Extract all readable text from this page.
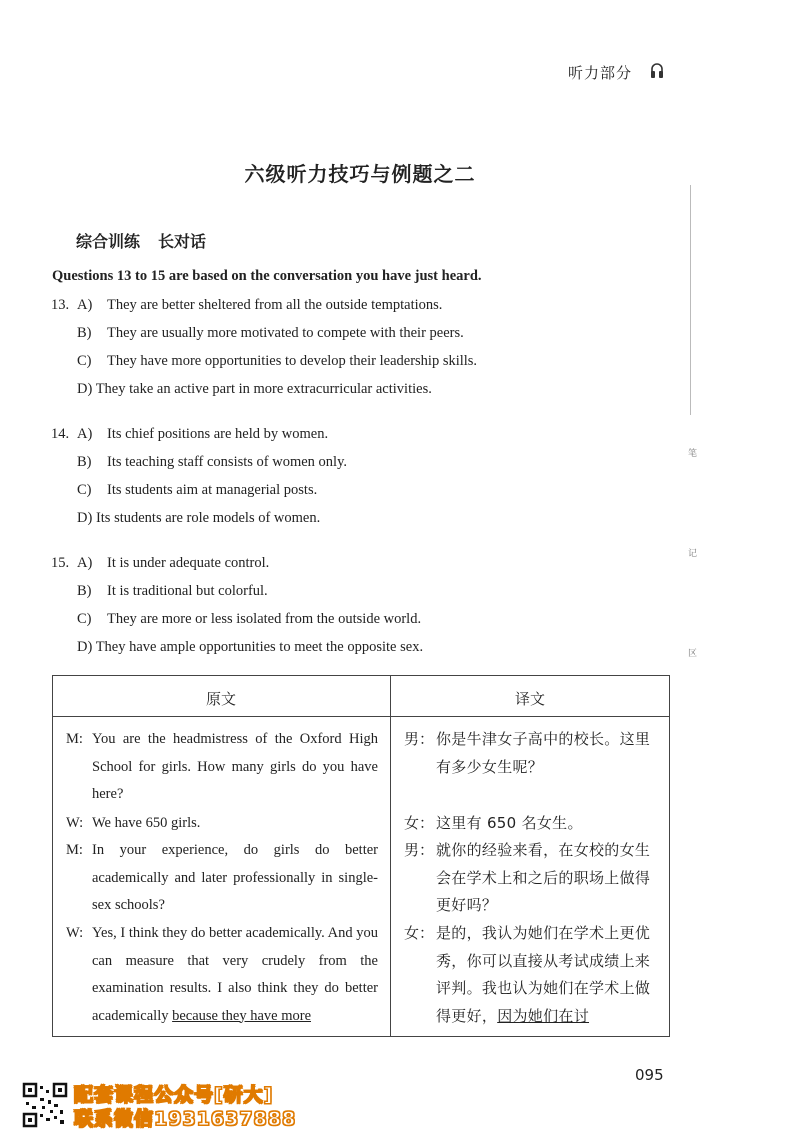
听力部分
六级听力技巧与例题之二
综合训练 长对话
Questions 13 to 15 are based on the conversation you have just heard.
13. A) They are better sheltered from all the outside temptations.
B) They are usually more motivated to compete with their peers.
C) They have more opportunities to develop their leadership skills.
D) They take an active part in more extracurricular activities.
14. A) Its chief positions are held by women.
B) Its teaching staff consists of women only.
C) Its students aim at managerial posts.
D) Its students are role models of women.
15. A) It is under adequate control.
B) It is traditional but colorful.
C) They are more or less isolated from the outside world.
D) They have ample opportunities to meet the opposite sex.
笔
记
区
原文	译文
M: You are the headmistress of the Oxford High School for girls. How many girls do you have here?
男： 你是牛津女子高中的校长。这里有多少女生呢？
W: We have 650 girls.	女： 这里有 650 名女生。
M: In your experience, do girls do better academically and later professionally in single-sex schools?
男： 就你的经验来看，在女校的女生会在学术上和之后的职场上做得更好吗？
W: Yes, I think they do better academically. And you can measure that very crudely from the examination results. I also think they do better academically because they have more
女： 是的，我认为她们在学术上更优秀，你可以直接从考试成绩上来评判。我也认为她们在学术上做得更好，因为她们在讨
095
配套课程公众号[研大]
联系微信1931637888
